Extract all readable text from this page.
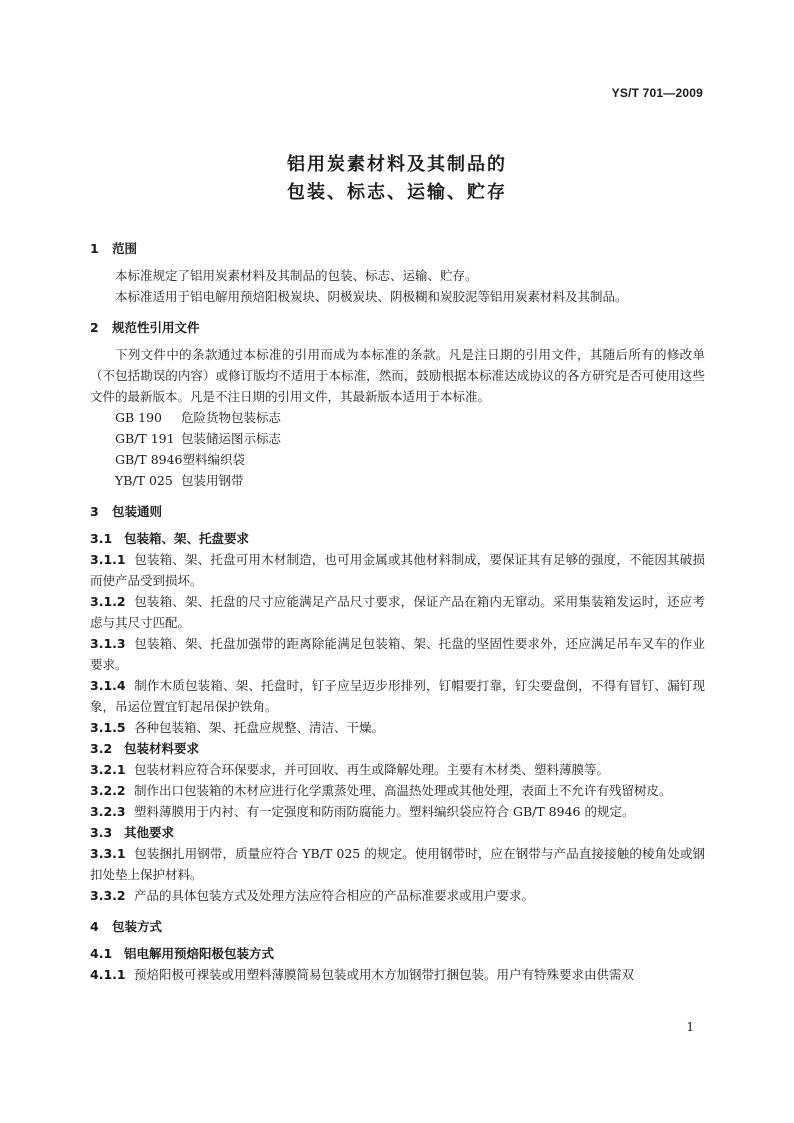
YS/T 701—2009
铝用炭素材料及其制品的
包装、标志、运输、贮存

1 范围

本标准规定了铝用炭素材料及其制品的包装、标志、运输、贮存。

本标准适用于铝电解用预焙阳极炭块、阴极炭块、阴极糊和炭胶泥等铝用炭素材料及其制品。

2 规范性引用文件

下列文件中的条款通过本标准的引用而成为本标准的条款。凡是注日期的引用文件，其随后所有的修改单（不包括勘误的内容）或修订版均不适用于本标准，然而，鼓励根据本标准达成协议的各方研究是否可使用这些文件的最新版本。凡是不注日期的引用文件，其最新版本适用于本标准。

GB 190 危险货物包装标志

GB/T 191 包装储运图示标志

GB/T 8946塑料编织袋

YB/T 025 包装用钢带

3 包装通则

3.1 包装箱、架、托盘要求

3.1.1 包装箱、架、托盘可用木材制造，也可用金属或其他材料制成，要保证其有足够的强度，不能因其破损而使产品受到损坏。

3.1.2 包装箱、架、托盘的尺寸应能满足产品尺寸要求，保证产品在箱内无窜动。采用集装箱发运时，还应考虑与其尺寸匹配。

3.1.3 包装箱、架、托盘加强带的距离除能满足包装箱、架、托盘的坚固性要求外，还应满足吊车叉车的作业要求。

3.1.4 制作木质包装箱、架、托盘时，钉子应呈迈步形排列，钉帽要打靠，钉尖要盘倒，不得有冒钉、漏钉现象，吊运位置宜钉起吊保护铁角。

3.1.5 各种包装箱、架、托盘应规整、清洁、干燥。

3.2 包装材料要求

3.2.1 包装材料应符合环保要求，并可回收、再生或降解处理。主要有木材类、塑料薄膜等。

3.2.2 制作出口包装箱的木材应进行化学熏蒸处理、高温热处理或其他处理，表面上不允许有残留树皮。

3.2.3 塑料薄膜用于内衬、有一定强度和防雨防腐能力。塑料编织袋应符合 GB/T 8946 的规定。

3.3 其他要求

3.3.1 包装捆扎用钢带，质量应符合 YB/T 025 的规定。使用钢带时，应在钢带与产品直接接触的棱角处或钢扣处垫上保护材料。

3.3.2 产品的具体包装方式及处理方法应符合相应的产品标准要求或用户要求。

4 包装方式

4.1 铝电解用预焙阳极包装方式

4.1.1 预焙阳极可裸装或用塑料薄膜简易包装或用木方加钢带打捆包装。用户有特殊要求由供需双

1
